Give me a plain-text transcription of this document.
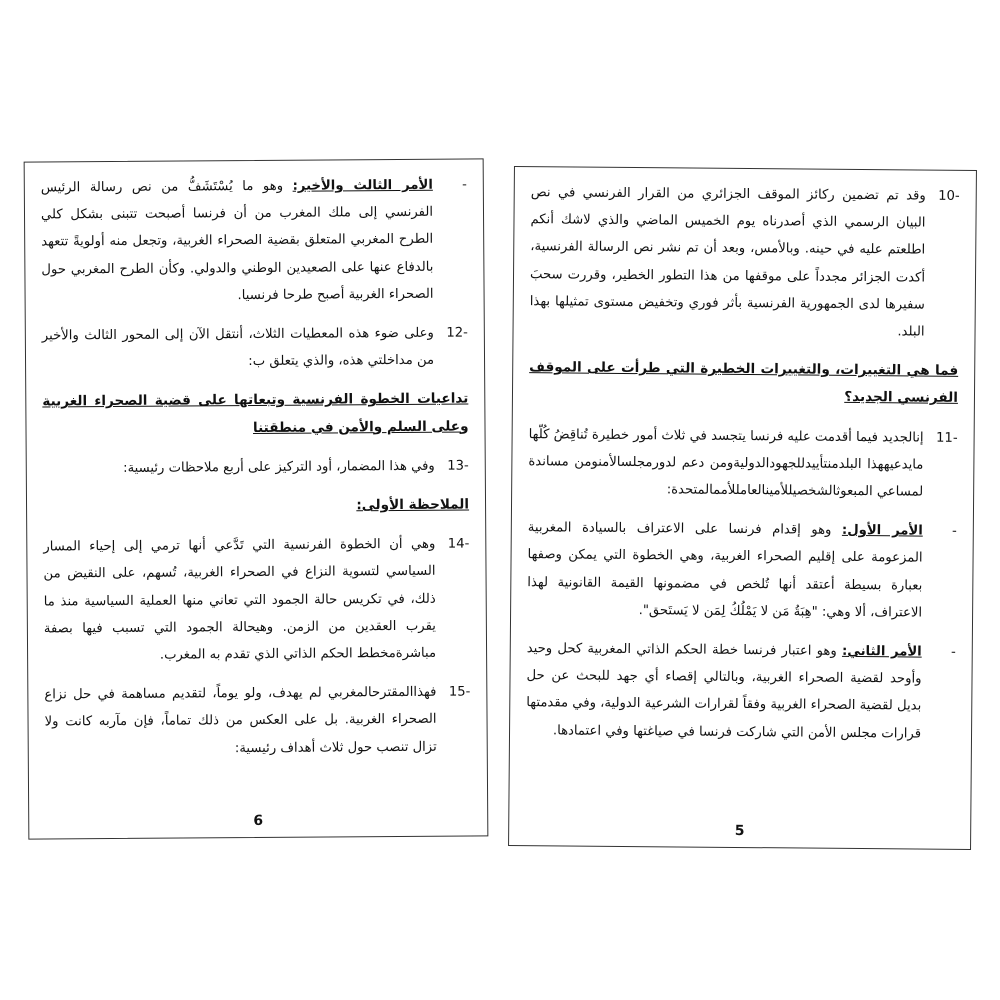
-
الأمر الثالث والأخير: وهو ما يُسْتَشَفُّ من نص رسالة الرئيس الفرنسي إلى ملك المغرب من أن فرنسا أصبحت تتبنى بشكل كلي الطرح المغربي المتعلق بقضية الصحراء الغربية، وتجعل منه أولويةً تتعهد بالدفاع عنها على الصعيدين الوطني والدولي. وكأن الطرح المغربي حول الصحراء الغربية أصبح طرحا فرنسيا.
-12
وعلى ضوء هذه المعطيات الثلاث، أنتقل الآن إلى المحور الثالث والأخير من مداخلتي هذه، والذي يتعلق ب:
تداعيات الخطوة الفرنسية وتبعاتها على قضية الصحراء الغربية وعلى السلم والأمن في منطقتنا
-13
وفي هذا المضمار، أود التركيز على أربع ملاحظات رئيسية:
الملاحظة الأولى:
-14
وهي أن الخطوة الفرنسية التي تَدَّعي أنها ترمي إلى إحياء المسار السياسي لتسوية النزاع في الصحراء الغربية، تُسهم، على النقيض من ذلك، في تكريس حالة الجمود التي تعاني منها العملية السياسية منذ ما يقرب العقدين من الزمن. وهيحالة الجمود التي تسبب فيها بصفة مباشرةمخطط الحكم الذاتي الذي تقدم به المغرب.
-15
فهذاالمقترحالمغربي لم يهدف، ولو يوماً، لتقديم مساهمة في حل نزاع الصحراء الغربية. بل على العكس من ذلك تماماً، فإن مآربه كانت ولا تزال تنصب حول ثلاث أهداف رئيسية:
6
-10
وقد تم تضمين ركائز الموقف الجزائري من القرار الفرنسي في نص البيان الرسمي الذي أصدرناه يوم الخميس الماضي والذي لاشك أنكم اطلعتم عليه في حينه. وبالأمس، وبعد أن تم نشر نص الرسالة الفرنسية، أكدت الجزائر مجدداً على موقفها من هذا التطور الخطير، وقررت سحبَ سفيرها لدى الجمهورية الفرنسية بأثر فوري وتخفيض مستوى تمثيلها بهذا البلد.
فما هي التغييرات، والتغييرات الخطيرة التي طرأت على الموقف الفرنسي الجديد؟
-11
إنالجديد فيما أقدمت عليه فرنسا يتجسد في ثلاث أمور خطيرة تُناقِضُ كُلّها مايدعيههذا البلدمنتأييدللجهودالدوليةومن دعم لدورمجلسالأمنومن مساندة لمساعي المبعوثالشخصيللأمينالعامللأممالمتحدة:
-
الأمر الأول: وهو إقدام فرنسا على الاعتراف بالسيادة المغربية المزعومة على إقليم الصحراء الغربية، وهي الخطوة التي يمكن وصفها بعبارة بسيطة أعتقد أنها تُلخص في مضمونها القيمة القانونية لهذا الاعتراف، ألا وهي: "هِبَةُ مَن لا يَمْلُكُ لِمَن لا يَستَحق".
-
الأمر الثاني: وهو اعتبار فرنسا خطة الحكم الذاتي المغربية كحل وحيد وأوحد لقضية الصحراء الغربية، وبالتالي إقصاء أي جهد للبحث عن حل بديل لقضية الصحراء الغربية وفقاً لقرارات الشرعية الدولية، وفي مقدمتها قرارات مجلس الأمن التي شاركت فرنسا في صياغتها وفي اعتمادها.
5
